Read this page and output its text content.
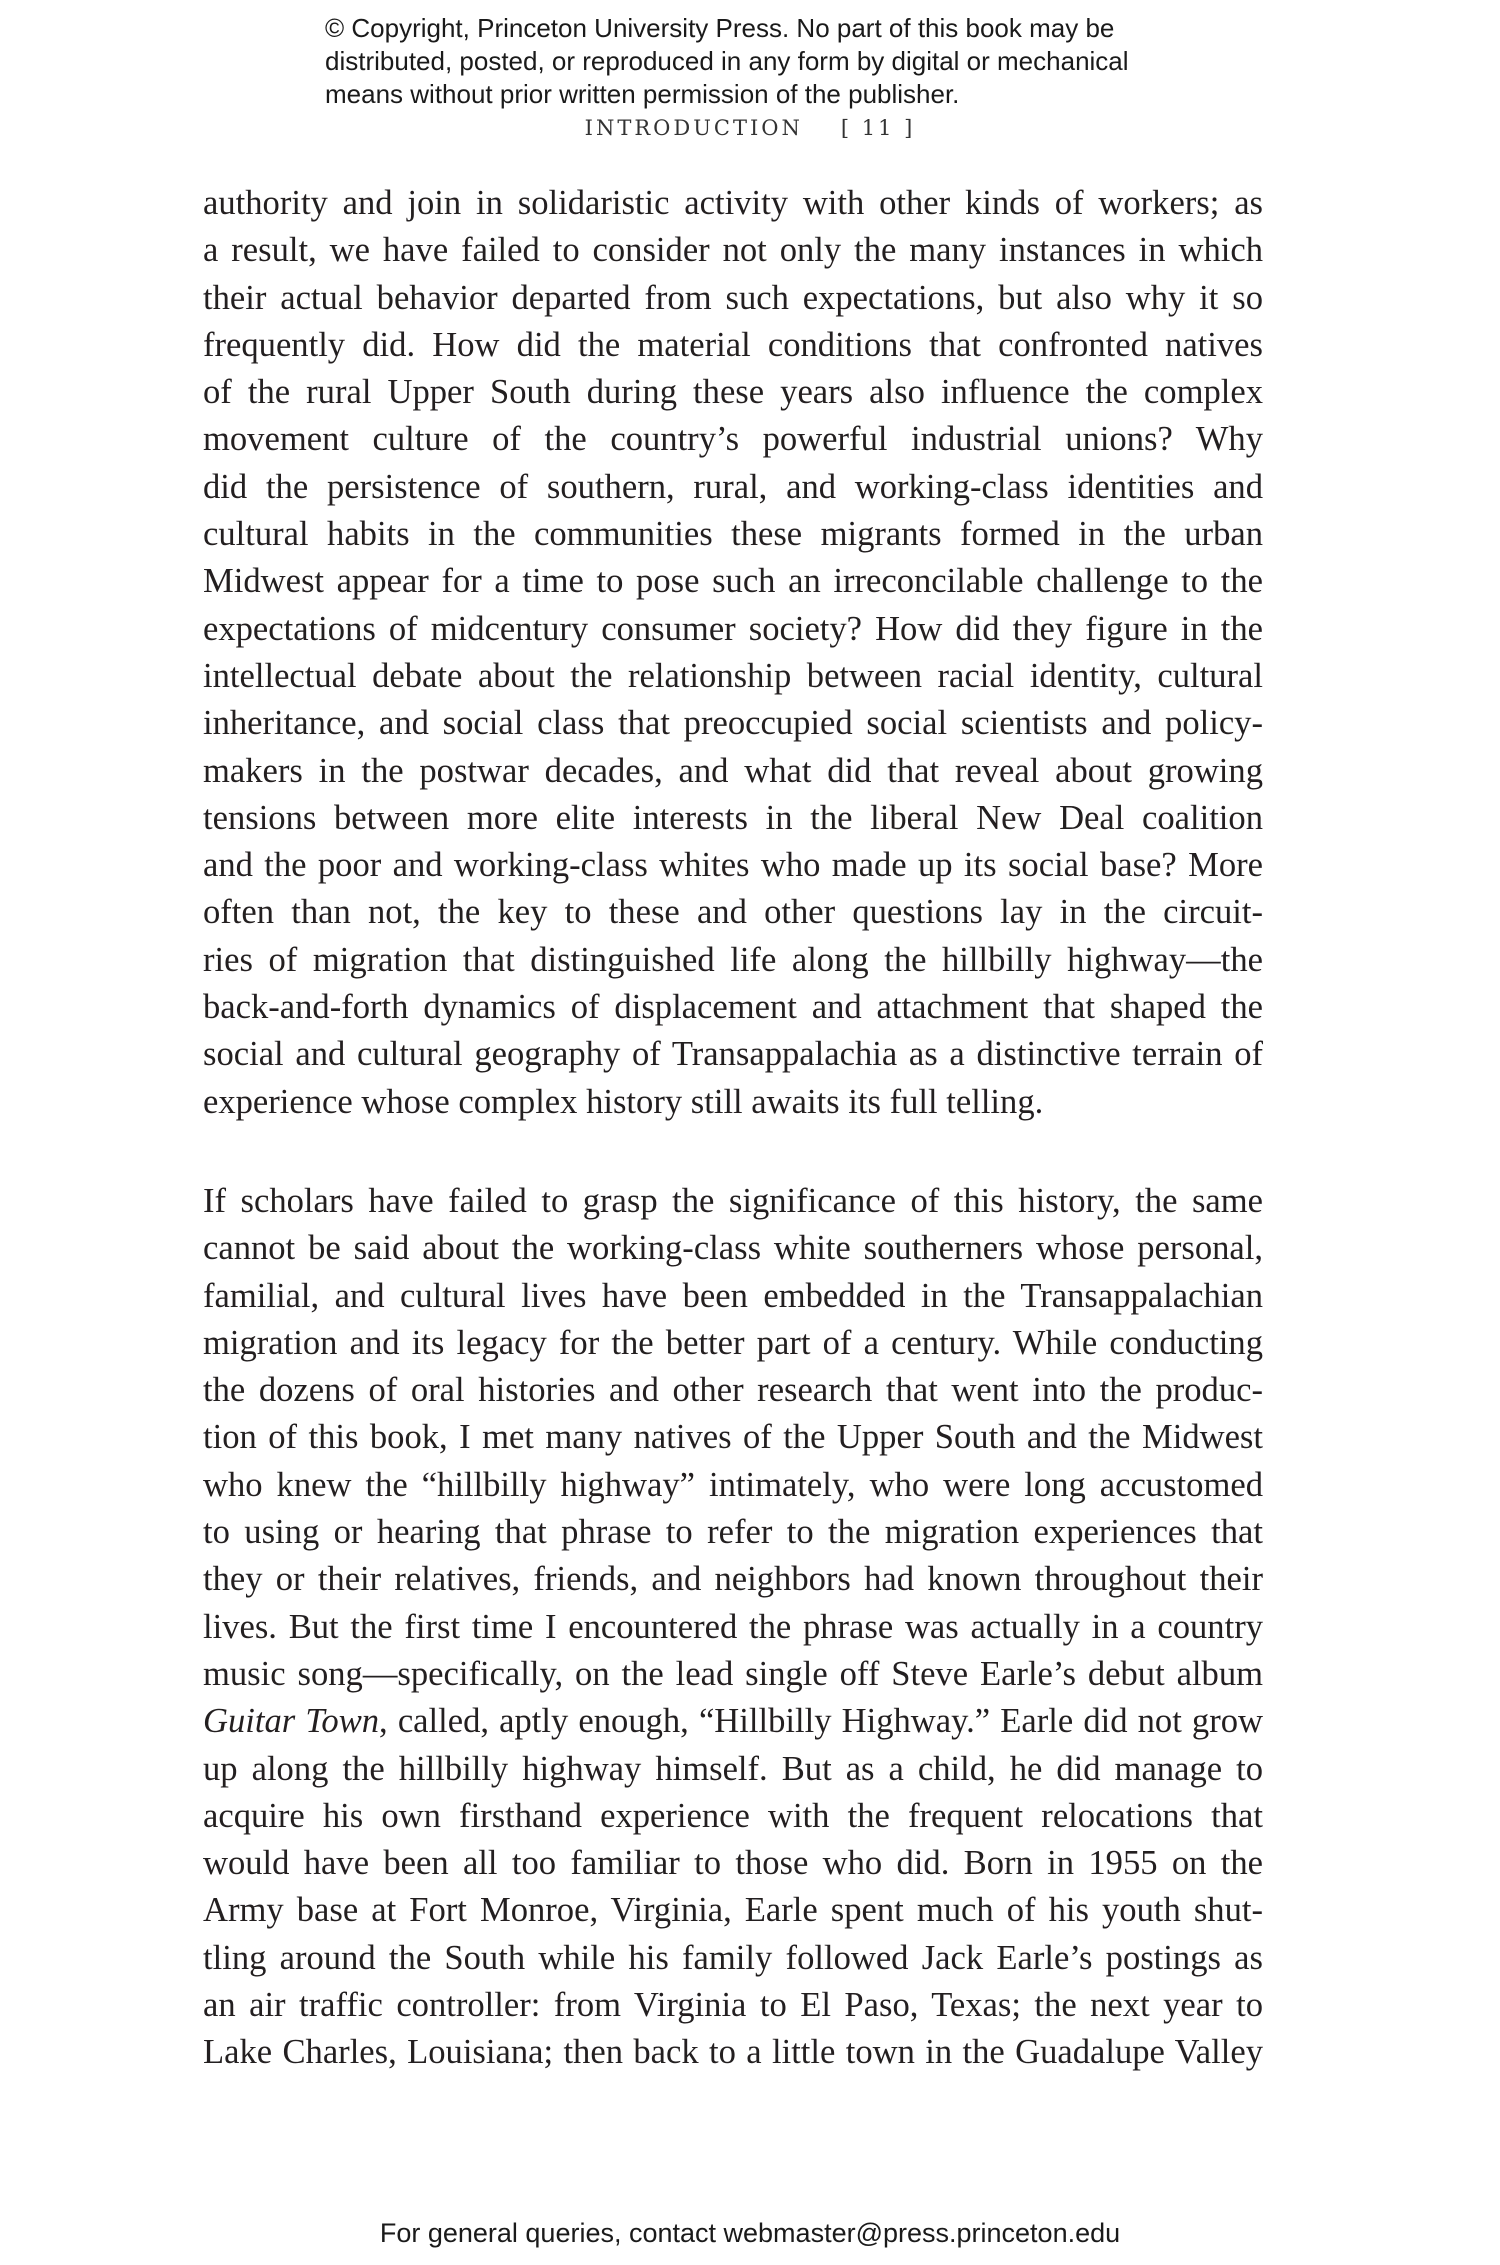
© Copyright, Princeton University Press. No part of this book may be
distributed, posted, or reproduced in any form by digital or mechanical
means without prior written permission of the publisher.
INTRODUCTION [ 11 ]
authority and join in solidaristic activity with other kinds of workers; as
a result, we have failed to consider not only the many instances in which
their actual behavior departed from such expectations, but also why it so
frequently did. How did the material conditions that confronted natives
of the rural Upper South during these years also influence the complex
movement culture of the country’s powerful industrial unions? Why
did the persistence of southern, rural, and working-class identities and
cultural habits in the communities these migrants formed in the urban
Midwest appear for a time to pose such an irreconcilable challenge to the
expectations of midcentury consumer society? How did they figure in the
intellectual debate about the relationship between racial identity, cultural
inheritance, and social class that preoccupied social scientists and policy-
makers in the postwar decades, and what did that reveal about growing
tensions between more elite interests in the liberal New Deal coalition
and the poor and working-class whites who made up its social base? More
often than not, the key to these and other questions lay in the circuit-
ries of migration that distinguished life along the hillbilly highway—the
back-and-forth dynamics of displacement and attachment that shaped the
social and cultural geography of Transappalachia as a distinctive terrain of
experience whose complex history still awaits its full telling.
If scholars have failed to grasp the significance of this history, the same
cannot be said about the working-class white southerners whose personal,
familial, and cultural lives have been embedded in the Transappalachian
migration and its legacy for the better part of a century. While conducting
the dozens of oral histories and other research that went into the produc-
tion of this book, I met many natives of the Upper South and the Midwest
who knew the “hillbilly highway” intimately, who were long accustomed
to using or hearing that phrase to refer to the migration experiences that
they or their relatives, friends, and neighbors had known throughout their
lives. But the first time I encountered the phrase was actually in a country
music song—specifically, on the lead single off Steve Earle’s debut album
Guitar Town, called, aptly enough, “Hillbilly Highway.” Earle did not grow
up along the hillbilly highway himself. But as a child, he did manage to
acquire his own firsthand experience with the frequent relocations that
would have been all too familiar to those who did. Born in 1955 on the
Army base at Fort Monroe, Virginia, Earle spent much of his youth shut-
tling around the South while his family followed Jack Earle’s postings as
an air traffic controller: from Virginia to El Paso, Texas; the next year to
Lake Charles, Louisiana; then back to a little town in the Guadalupe Valley
For general queries, contact webmaster@press.princeton.edu
